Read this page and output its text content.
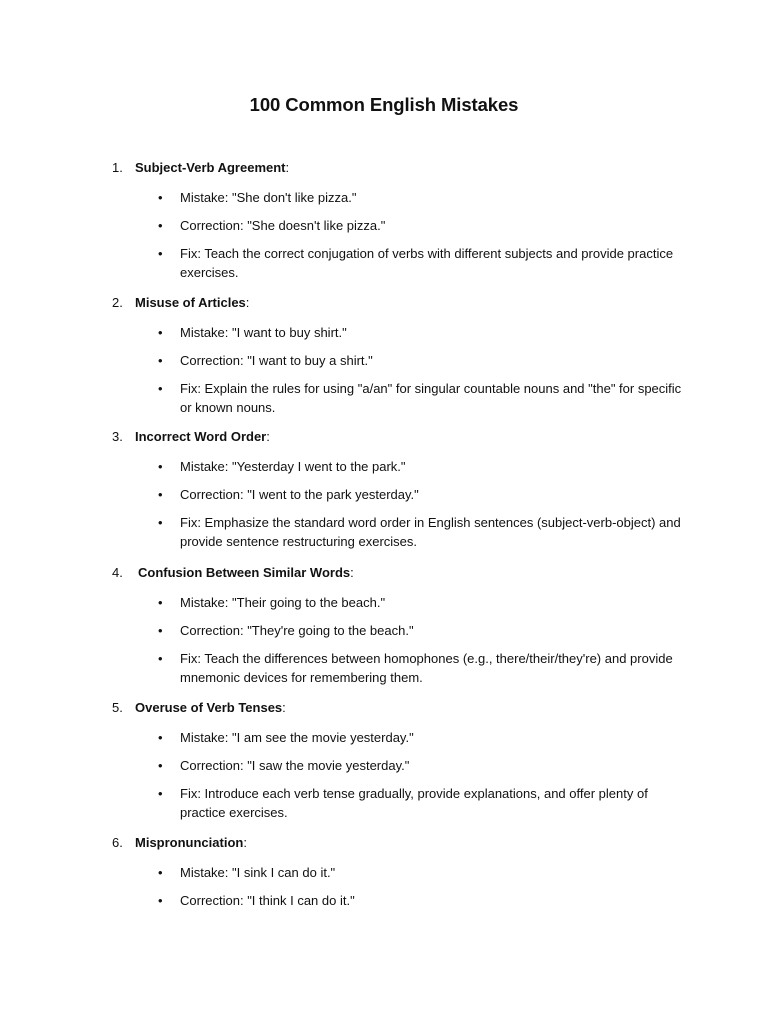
100 Common English Mistakes
1. Subject-Verb Agreement:
• Mistake: "She don't like pizza."
• Correction: "She doesn't like pizza."
• Fix: Teach the correct conjugation of verbs with different subjects and provide practice exercises.
2. Misuse of Articles:
• Mistake: "I want to buy shirt."
• Correction: "I want to buy a shirt."
• Fix: Explain the rules for using "a/an" for singular countable nouns and "the" for specific or known nouns.
3. Incorrect Word Order:
• Mistake: "Yesterday I went to the park."
• Correction: "I went to the park yesterday."
• Fix: Emphasize the standard word order in English sentences (subject-verb-object) and provide sentence restructuring exercises.
4. Confusion Between Similar Words:
• Mistake: "Their going to the beach."
• Correction: "They're going to the beach."
• Fix: Teach the differences between homophones (e.g., there/their/they're) and provide mnemonic devices for remembering them.
5. Overuse of Verb Tenses:
• Mistake: "I am see the movie yesterday."
• Correction: "I saw the movie yesterday."
• Fix: Introduce each verb tense gradually, provide explanations, and offer plenty of practice exercises.
6. Mispronunciation:
• Mistake: "I sink I can do it."
• Correction: "I think I can do it."
